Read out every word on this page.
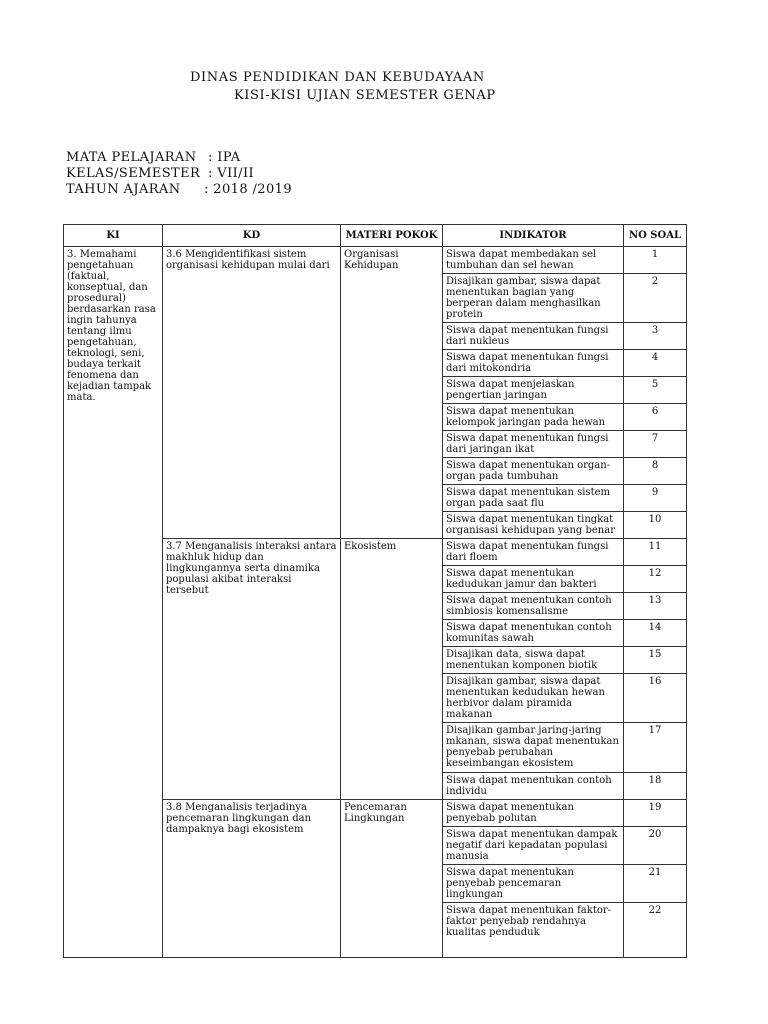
DINAS PENDIDIKAN DAN KEBUDAYAAN
KISI-KISI UJIAN SEMESTER GENAP
MATA PELAJARAN : IPA
KELAS/SEMESTER : VII/II
TAHUN AJARAN : 2018 /2019
KI	KD	MATERI POKOK	INDIKATOR	NO SOAL
3. Memahami pengetahuan (faktual, konseptual, dan prosedural) berdasarkan rasa ingin tahunya tentang ilmu pengetahuan, teknologi, seni, budaya terkait fenomena dan kejadian tampak mata.	3.6 Mengidentifikasi sistem organisasi kehidupan mulai dari	Organisasi Kehidupan	Siswa dapat membedakan sel tumbuhan dan sel hewan	1
			Disajikan gambar, siswa dapat menentukan bagian yang berperan dalam menghasilkan protein	2
			Siswa dapat menentukan fungsi dari nukleus	3
			Siswa dapat menentukan fungsi dari mitokondria	4
			Siswa dapat menjelaskan pengertian jaringan	5
			Siswa dapat menentukan kelompok jaringan pada hewan	6
			Siswa dapat menentukan fungsi dari jaringan ikat	7
			Siswa dapat menentukan organ-organ pada tumbuhan	8
			Siswa dapat menentukan sistem organ pada saat flu	9
			Siswa dapat menentukan tingkat organisasi kehidupan yang benar	10
	3.7 Menganalisis interaksi antara makhluk hidup dan lingkungannya serta dinamika populasi akibat interaksi tersebut	Ekosistem	Siswa dapat menentukan fungsi dari floem	11
			Siswa dapat menentukan kedudukan jamur dan bakteri	12
			Siswa dapat menentukan contoh simbiosis komensalisme	13
			Siswa dapat menentukan contoh komunitas sawah	14
			Disajikan data, siswa dapat menentukan komponen biotik	15
			Disajikan gambar, siswa dapat menentukan kedudukan hewan herbivor dalam piramida makanan	16
			Disajikan gambar jaring-jaring mkanan, siswa dapat menentukan penyebab perubahan keseimbangan ekosistem	17
			Siswa dapat menentukan contoh individu	18
	3.8 Menganalisis terjadinya pencemaran lingkungan dan dampaknya bagi ekosistem	Pencemaran Lingkungan	Siswa dapat menentukan penyebab polutan	19
			Siswa dapat menentukan dampak negatif dari kepadatan populasi manusia	20
			Siswa dapat menentukan penyebab pencemaran lingkungan	21
			Siswa dapat menentukan faktor-faktor penyebab rendahnya kualitas penduduk	22
